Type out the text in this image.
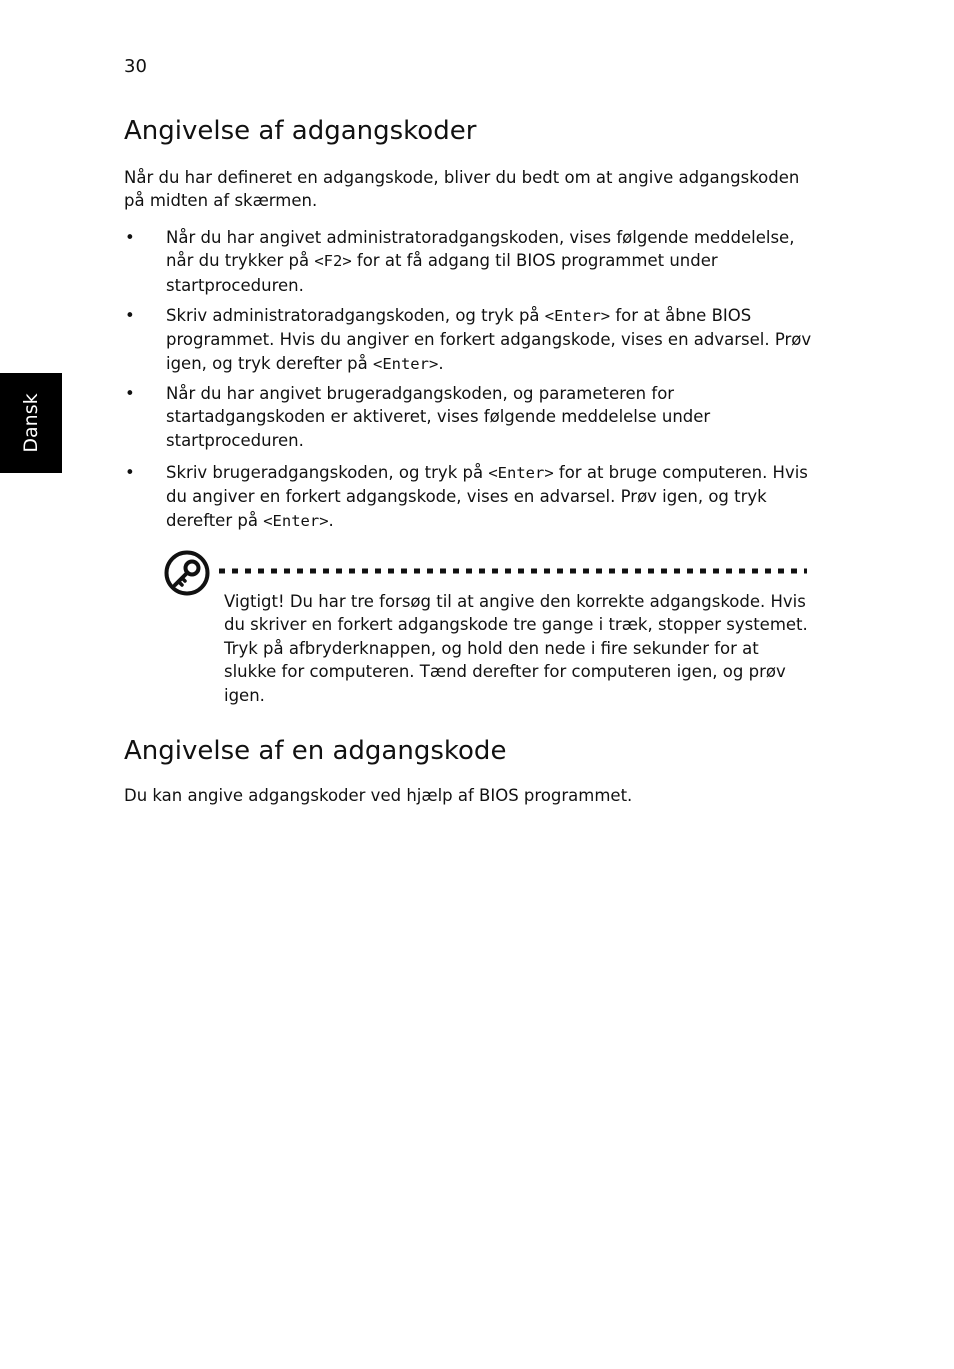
30
Dansk
Angivelse af adgangskoder

Når du har defineret en adgangskode, bliver du bedt om at angive adgangskoden på midten af skærmen.

• Når du har angivet administratoradgangskoden, vises følgende meddelelse, når du trykker på <F2> for at få adgang til BIOS programmet under startproceduren.
• Skriv administratoradgangskoden, og tryk på <Enter> for at åbne BIOS programmet. Hvis du angiver en forkert adgangskode, vises en advarsel. Prøv igen, og tryk derefter på <Enter>.
• Når du har angivet brugeradgangskoden, og parameteren for startadgangskoden er aktiveret, vises følgende meddelelse under startproceduren.
• Skriv brugeradgangskoden, og tryk på <Enter> for at bruge computeren. Hvis du angiver en forkert adgangskode, vises en advarsel. Prøv igen, og tryk derefter på <Enter>.
Vigtigt! Du har tre forsøg til at angive den korrekte adgangskode. Hvis du skriver en forkert adgangskode tre gange i træk, stopper systemet. Tryk på afbryderknappen, og hold den nede i fire sekunder for at slukke for computeren. Tænd derefter for computeren igen, og prøv igen.
Angivelse af en adgangskode

Du kan angive adgangskoder ved hjælp af BIOS programmet.
